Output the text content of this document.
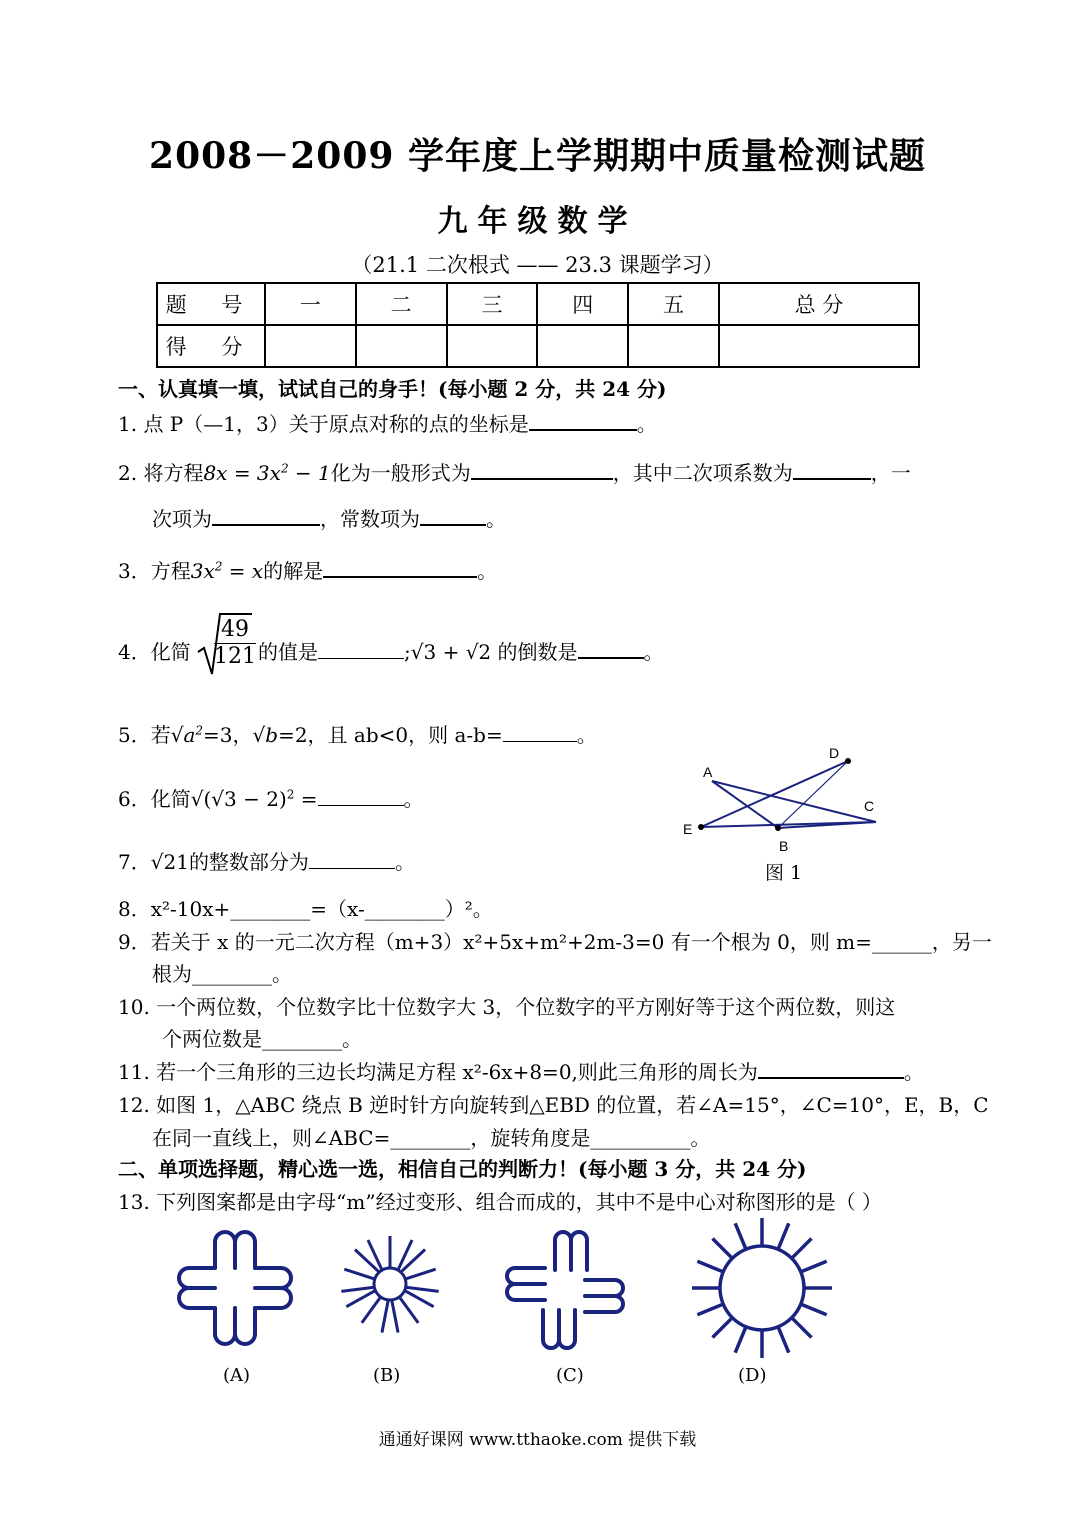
2008－2009 学年度上学期期中质量检测试题
九年级数学
（21.1 二次根式 —— 23.3 课题学习）
题 号	一	二	三	四	五	总 分
得 分						
一、认真填一填，试试自己的身手！(每小题 2 分，共 24 分)
1. 点 P（—1，3）关于原点对称的点的坐标是	。
2. 将方程$8x = 3x^2 - 1$化为一般形式为	，其中二次项系数为	，一
次项为	，常数项为	。
3．方程$3x^2 = x$的解是	。
4．化简 $\frac{49}{121}$ 的值是	;√3 + √2 的倒数是	。
5．若$√a^2=3$，√b=2，且 ab<0，则 a-b=	。
6．化简$√(√3 - 2)^2$ =	。
7．√21的整数部分为	。
A
D
C
E
B
图 1
8．x²-10x+________=（x-________）²。
9．若关于 x 的一元二次方程（m+3）x²+5x+m²+2m-3=0 有一个根为 0，则 m=______，另一
根为________。
10. 一个两位数，个位数字比十位数字大 3，个位数字的平方刚好等于这个两位数，则这
个两位数是________。
11. 若一个三角形的三边长均满足方程 x²-6x+8=0,则此三角形的周长为	。
12. 如图 1，△ABC 绕点 B 逆时针方向旋转到△EBD 的位置，若∠A=15°，∠C=10°，E，B，C
在同一直线上，则∠ABC=________，旋转角度是__________。
二、单项选择题，精心选一选，相信自己的判断力！(每小题 3 分，共 24 分)
13. 下列图案都是由字母“m”经过变形、组合而成的，其中不是中心对称图形的是（ ）
(A)	(B)	(C)	(D)
通通好课网 www.tthaoke.com 提供下载
